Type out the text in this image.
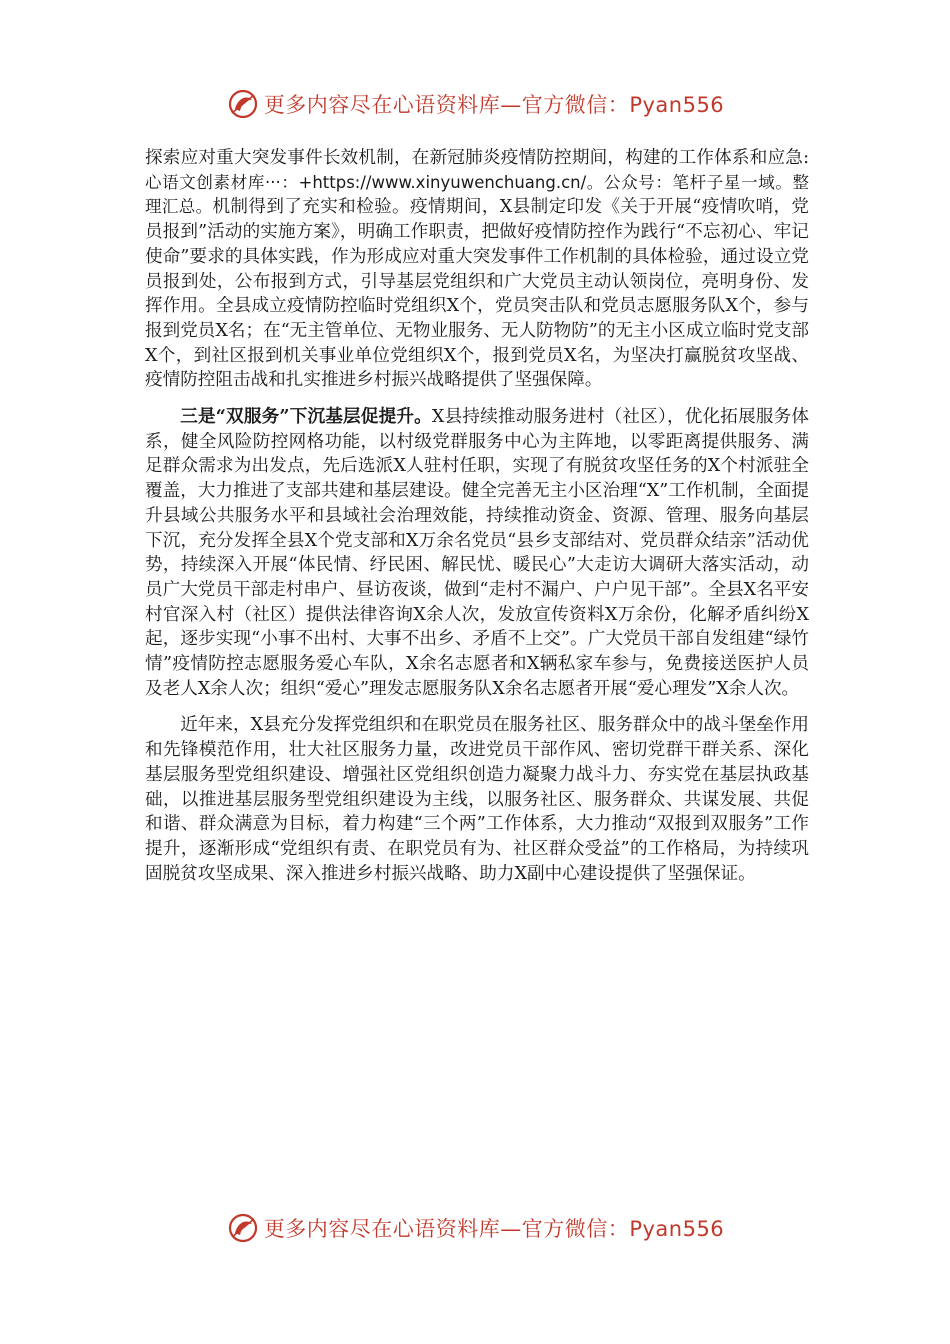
更多内容尽在心语资料库—官方微信：Pyan556

探索应对重大突发事件长效机制，在新冠肺炎疫情防控期间，构建的工作体系和应急:心语文创素材库···：+https://www.xinyuwenchuang.cn/。公众号：笔杆子星一域。整理汇总。机制得到了充实和检验。疫情期间，X县制定印发《关于开展“疫情吹哨，党员报到”活动的实施方案》，明确工作职责，把做好疫情防控作为践行“不忘初心、牢记使命”要求的具体实践，作为形成应对重大突发事件工作机制的具体检验，通过设立党员报到处，公布报到方式，引导基层党组织和广大党员主动认领岗位，亮明身份、发挥作用。全县成立疫情防控临时党组织X个，党员突击队和党员志愿服务队X个，参与报到党员X名；在“无主管单位、无物业服务、无人防物防”的无主小区成立临时党支部X个，到社区报到机关事业单位党组织X个，报到党员X名，为坚决打赢脱贫攻坚战、疫情防控阻击战和扎实推进乡村振兴战略提供了坚强保障。

三是“双服务”下沉基层促提升。X县持续推动服务进村（社区），优化拓展服务体系，健全风险防控网格功能，以村级党群服务中心为主阵地，以零距离提供服务、满足群众需求为出发点，先后选派X人驻村任职，实现了有脱贫攻坚任务的X个村派驻全覆盖，大力推进了支部共建和基层建设。健全完善无主小区治理“X”工作机制，全面提升县域公共服务水平和县域社会治理效能，持续推动资金、资源、管理、服务向基层下沉，充分发挥全县X个党支部和X万余名党员“县乡支部结对、党员群众结亲”活动优势，持续深入开展“体民情、纾民困、解民忧、暖民心”大走访大调研大落实活动，动员广大党员干部走村串户、昼访夜谈，做到“走村不漏户、户户见干部”。全县X名平安村官深入村（社区）提供法律咨询X余人次，发放宣传资料X万余份，化解矛盾纠纷X起，逐步实现“小事不出村、大事不出乡、矛盾不上交”。广大党员干部自发组建“绿竹情”疫情防控志愿服务爱心车队，X余名志愿者和X辆私家车参与，免费接送医护人员及老人X余人次；组织“爱心”理发志愿服务队X余名志愿者开展“爱心理发”X余人次。

近年来，X县充分发挥党组织和在职党员在服务社区、服务群众中的战斗堡垒作用和先锋模范作用，壮大社区服务力量，改进党员干部作风、密切党群干群关系、深化基层服务型党组织建设、增强社区党组织创造力凝聚力战斗力、夯实党在基层执政基础，以推进基层服务型党组织建设为主线，以服务社区、服务群众、共谋发展、共促和谐、群众满意为目标，着力构建“三个两”工作体系，大力推动“双报到双服务”工作提升，逐渐形成“党组织有责、在职党员有为、社区群众受益”的工作格局，为持续巩固脱贫攻坚成果、深入推进乡村振兴战略、助力X副中心建设提供了坚强保证。

更多内容尽在心语资料库—官方微信：Pyan556
